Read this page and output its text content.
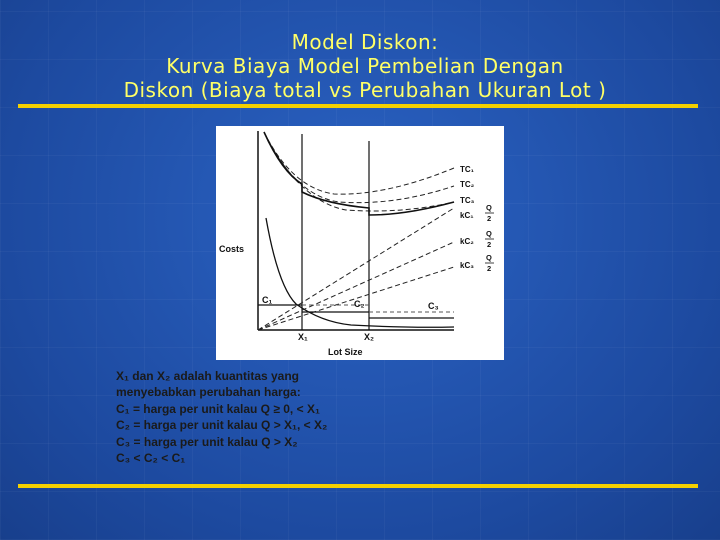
Model Diskon:
Kurva Biaya Model Pembelian Dengan
Diskon (Biaya total vs Perubahan Ukuran Lot )
Costs
Lot Size
X₁	X₂
C₁	C₂	C₃
TC₁
TC₂
TC₃
kC₁
Q
2
kC₂
Q
2
kC₃
Q
2
X₁ dan X₂ adalah kuantitas yang
menyebabkan perubahan harga:
C₁ = harga per unit kalau Q ≥ 0, < X₁
C₂ = harga per unit kalau Q > X₁, < X₂
C₃ = harga per unit kalau Q > X₂
C₃ < C₂ < C₁
